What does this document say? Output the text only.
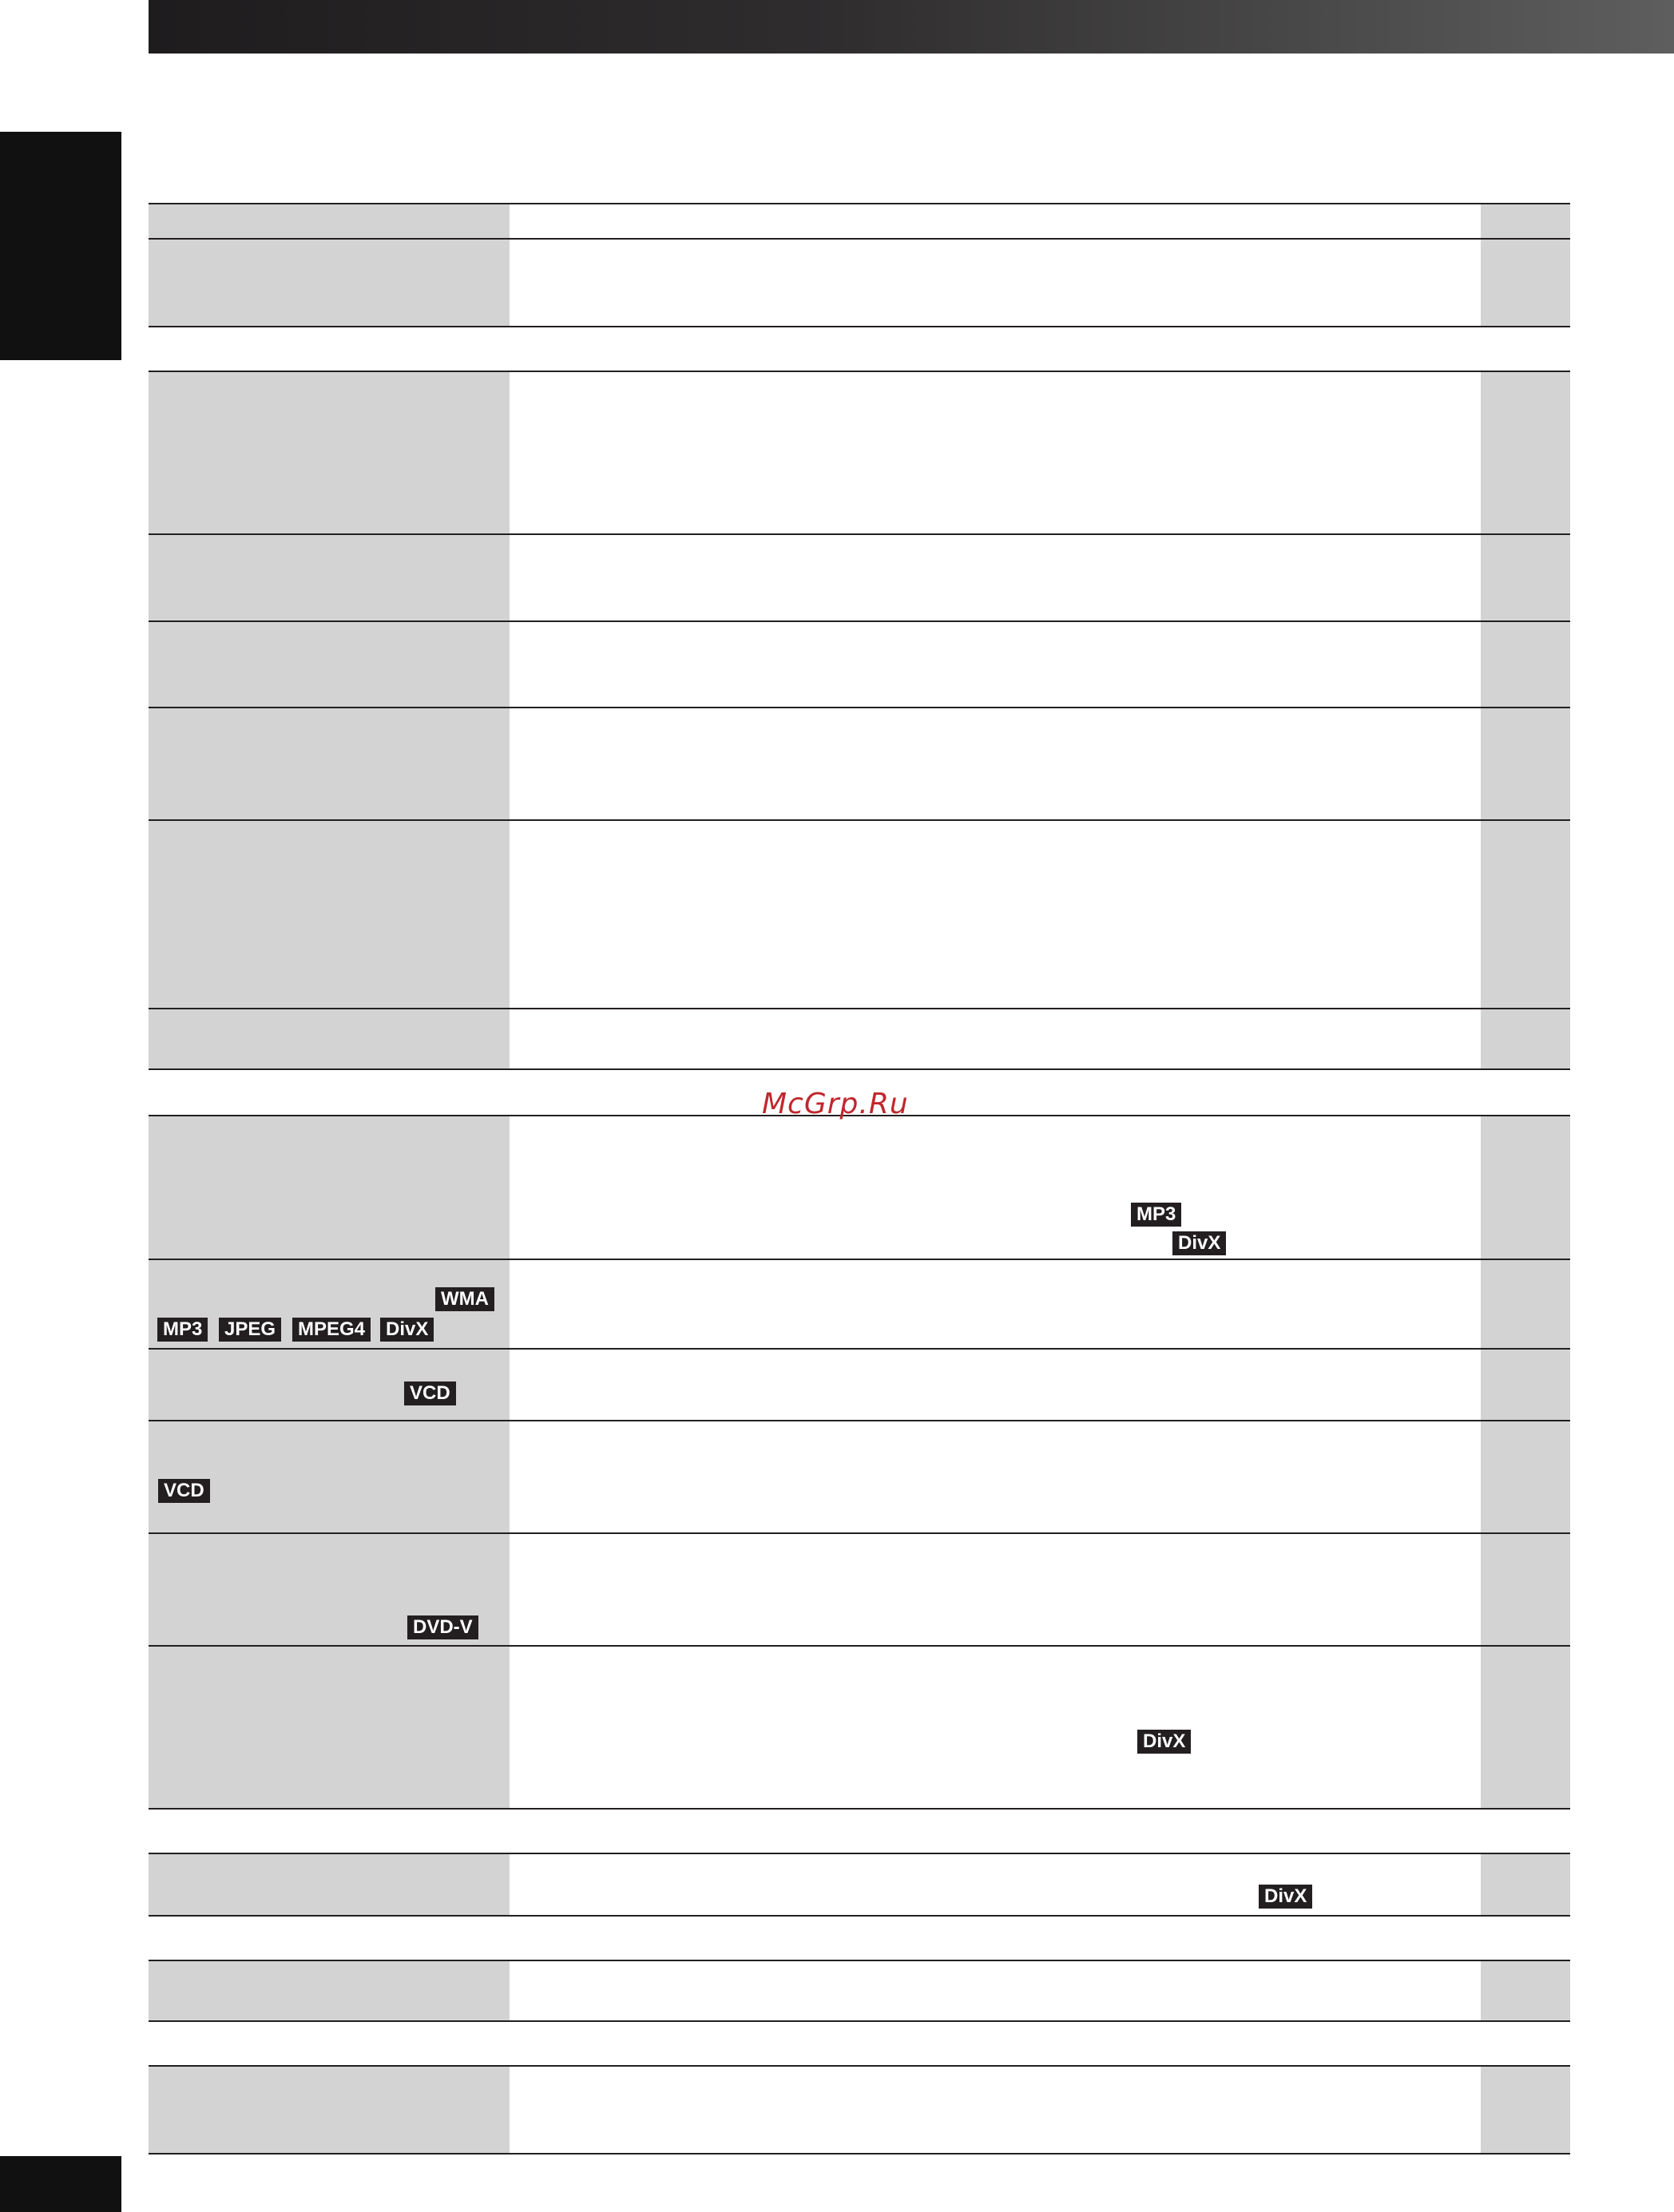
MP3
DivX
WMA
MP3 JPEG MPEG4 DivX
VCD
VCD
DVD-V
DivX
DivX
McGrp.Ru
